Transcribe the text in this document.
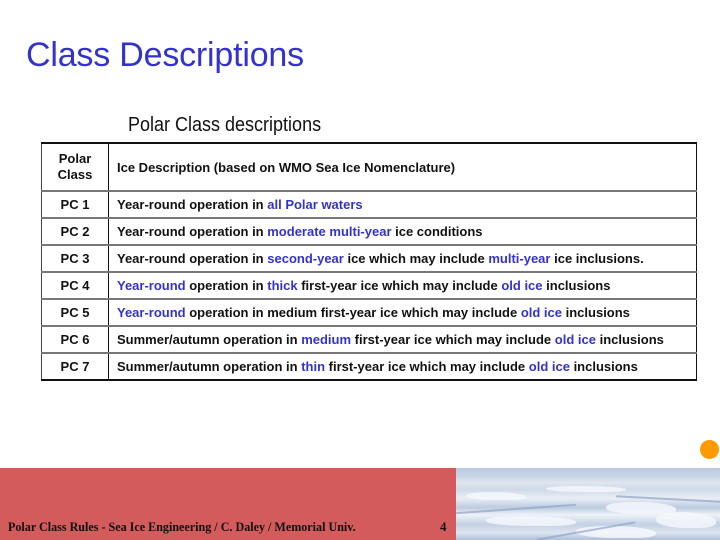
Class Descriptions
Polar Class descriptions
Polar Class	Ice Description (based on WMO Sea Ice Nomenclature)
PC 1	Year-round operation in all Polar waters
PC 2	Year-round operation in moderate multi-year ice conditions
PC 3	Year-round operation in second-year ice which may include multi-year ice inclusions.
PC 4	Year-round operation in thick first-year ice which may include old ice inclusions
PC 5	Year-round operation in medium first-year ice which may include old ice inclusions
PC 6	Summer/autumn operation in medium first-year ice which may include old ice inclusions
PC 7	Summer/autumn operation in thin first-year ice which may include old ice inclusions
Polar Class Rules - Sea Ice Engineering / C. Daley / Memorial Univ.	4
